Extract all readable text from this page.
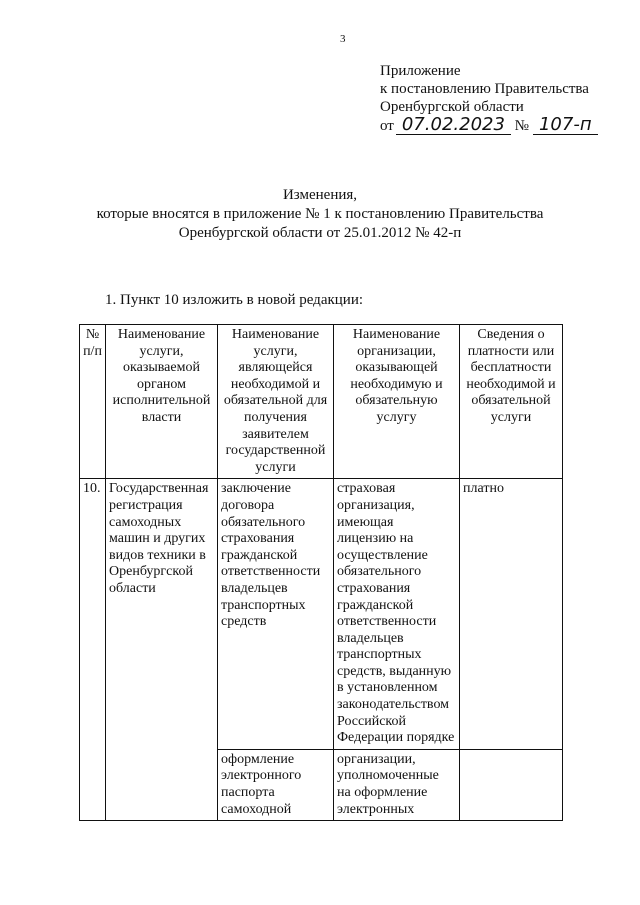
3
Приложение
к постановлению Правительства
Оренбургской области
от 07.02.2023 № 107-п
Изменения,
которые вносятся в приложение № 1 к постановлению Правительства
Оренбургской области от 25.01.2012 № 42-п
1. Пункт 10 изложить в новой редакции:
№ п/п	Наименование услуги, оказываемой органом исполнительной власти	Наименование услуги, являющейся необходимой и обязательной для получения заявителем государственной услуги	Наименование организации, оказывающей необходимую и обязательную услугу	Сведения о платности или бесплатности необходимой и обязательной услуги
10.	Государственная регистрация самоходных машин и других видов техники в Оренбургской области	заключение договора обязательного страхования гражданской ответственности владельцев транспортных средств	страховая организация, имеющая лицензию на осуществление обязательного страхования гражданской ответственности владельцев транспортных средств, выданную в установленном законодательством Российской Федерации порядке	платно
		оформление электронного паспорта самоходной	организации, уполномоченные на оформление электронных	
